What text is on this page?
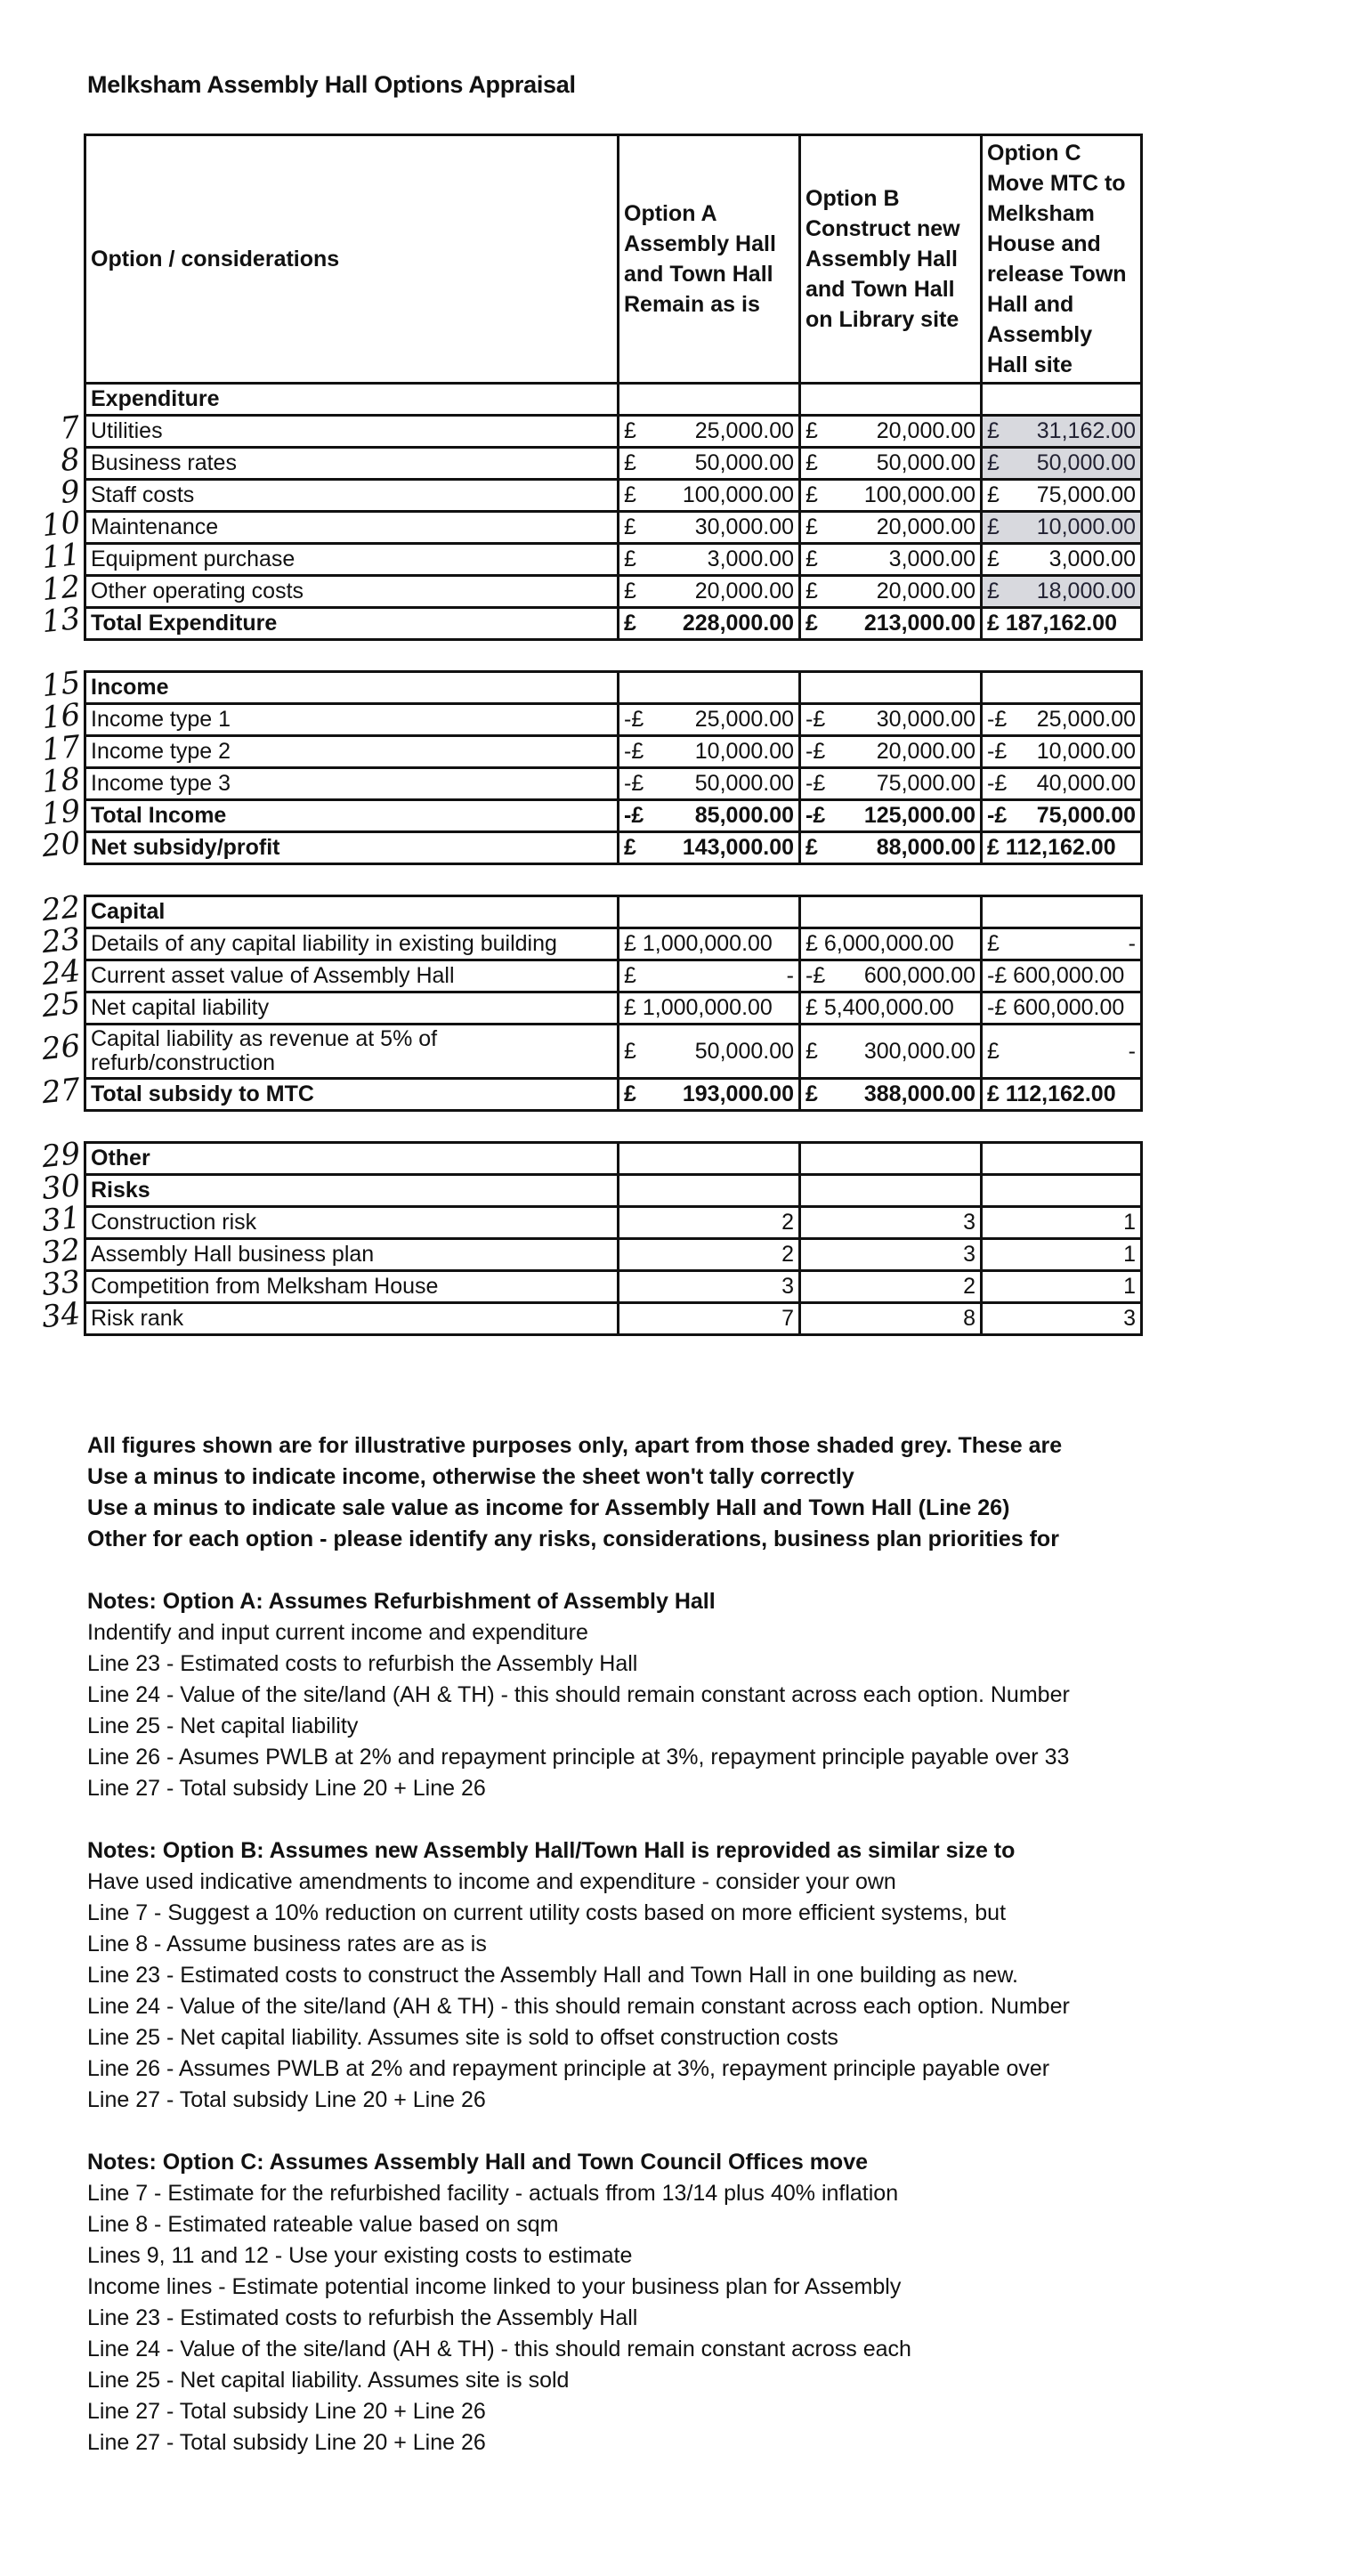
Melksham Assembly Hall Options Appraisal
Option / considerations	Option A Assembly Hall and Town Hall Remain as is	Option B Construct new Assembly Hall and Town Hall on Library site	Option C Move MTC to Melksham House and release Town Hall and Assembly Hall site
Expenditure			
Utilities	£ 25,000.00	£ 20,000.00	£ 31,162.00

Business rates	£ 50,000.00	£ 50,000.00	£ 50,000.00

Staff costs	£ 100,000.00	£ 100,000.00	£ 75,000.00

Maintenance	£ 30,000.00	£ 20,000.00	£ 10,000.00

Equipment purchase	£ 3,000.00	£ 3,000.00	£ 3,000.00

Other operating costs	£ 20,000.00	£ 20,000.00	£ 18,000.00

Total Expenditure	£ 228,000.00	£ 213,000.00	£ 187,162.00

Income			
Income type 1	-£ 25,000.00	-£ 30,000.00	-£ 25,000.00

Income type 2	-£ 10,000.00	-£ 20,000.00	-£ 10,000.00

Income type 3	-£ 50,000.00	-£ 75,000.00	-£ 40,000.00

Total Income	-£ 85,000.00	-£ 125,000.00	-£ 75,000.00

Net subsidy/profit	£ 143,000.00	£ 88,000.00	£ 112,162.00

Capital			
Details of any capital liability in existing building	£ 1,000,000.00	£ 6,000,000.00	£ -

Current asset value of Assembly Hall	£ -	-£ 600,000.00	-£ 600,000.00

Net capital liability	£ 1,000,000.00	£ 5,400,000.00	-£ 600,000.00

Capital liability as revenue at 5% of refurb/construction	£ 50,000.00	£ 300,000.00	£ -

Total subsidy to MTC	£ 193,000.00	£ 388,000.00	£ 112,162.00

Other			
Risks			
Construction risk	2	3	1
Assembly Hall business plan	2	3	1
Competition from Melksham House	3	2	1
Risk rank	7	8	3
7
8
9
10
11
12
13
15
16
17
18
19
20
22
23
24
25
26
27
29
30
31
32
33
34

All figures shown are for illustrative purposes only, apart from those shaded grey. These are

Use a minus to indicate income, otherwise the sheet won't tally correctly

Use a minus to indicate sale value as income for Assembly Hall and Town Hall (Line 26)

Other for each option - please identify any risks, considerations, business plan priorities for

Notes: Option A: Assumes Refurbishment of Assembly Hall

Indentify and input current income and expenditure

Line 23 - Estimated costs to refurbish the Assembly Hall

Line 24 - Value of the site/land (AH & TH) - this should remain constant across each option. Number

Line 25 - Net capital liability

Line 26 - Asumes PWLB at 2% and repayment principle at 3%, repayment principle payable over 33

Line 27 - Total subsidy Line 20 + Line 26

Notes: Option B: Assumes new Assembly Hall/Town Hall is reprovided as similar size to

Have used indicative amendments to income and expenditure - consider your own

Line 7 - Suggest a 10% reduction on current utility costs based on more efficient systems, but

Line 8 - Assume business rates are as is

Line 23 - Estimated costs to construct the Assembly Hall and Town Hall in one building as new.

Line 24 - Value of the site/land (AH & TH) - this should remain constant across each option. Number

Line 25 - Net capital liability. Assumes site is sold to offset construction costs

Line 26 - Assumes PWLB at 2% and repayment principle at 3%, repayment principle payable over

Line 27 - Total subsidy Line 20 + Line 26

Notes: Option C: Assumes Assembly Hall and Town Council Offices move

Line 7 - Estimate for the refurbished facility - actuals ffrom 13/14 plus 40% inflation

Line 8 - Estimated rateable value based on sqm

Lines 9, 11 and 12 - Use your existing costs to estimate

Income lines - Estimate potential income linked to your business plan for Assembly

Line 23 - Estimated costs to refurbish the Assembly Hall

Line 24 - Value of the site/land (AH & TH) - this should remain constant across each

Line 25 - Net capital liability. Assumes site is sold

Line 27 - Total subsidy Line 20 + Line 26

Line 27 - Total subsidy Line 20 + Line 26
